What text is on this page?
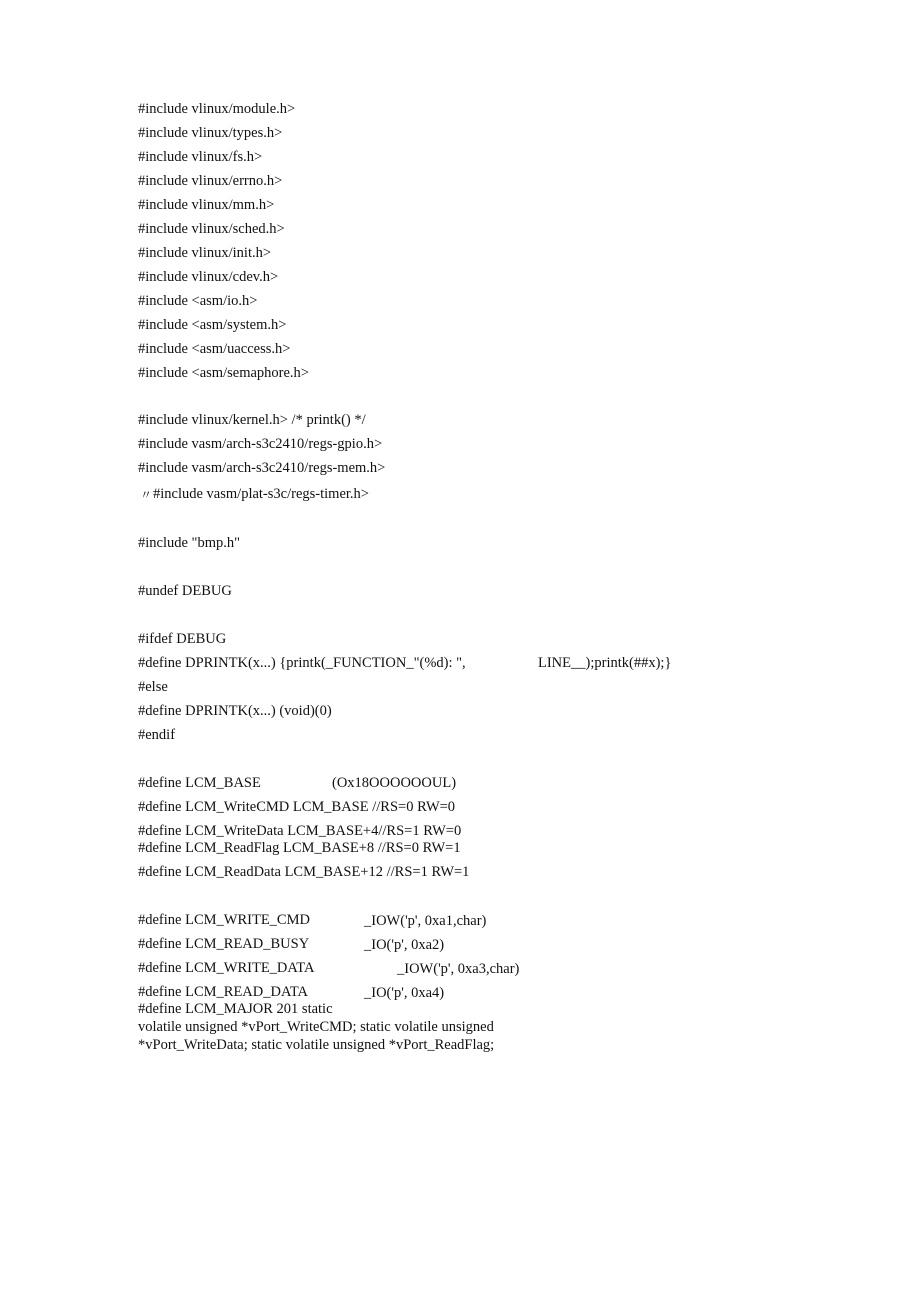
#include vlinux/module.h>
#include vlinux/types.h>
#include vlinux/fs.h>
#include vlinux/errno.h>
#include vlinux/mm.h>
#include vlinux/sched.h>
#include vlinux/init.h>
#include vlinux/cdev.h>
#include <asm/io.h>
#include <asm/system.h>
#include <asm/uaccess.h>
#include <asm/semaphore.h>
#include vlinux/kernel.h> /* printk() */
#include vasm/arch-s3c2410/regs-gpio.h>
#include vasm/arch-s3c2410/regs-mem.h>
〃 #include vasm/plat-s3c/regs-timer.h>
#include "bmp.h"
#undef DEBUG
#ifdef DEBUG
#define DPRINTK(x...) {printk(_FUNCTION_"(%d): ",	LINE__);printk(##x);}
#else
#define DPRINTK(x...) (void)(0)
#endif
#define LCM_BASE	(Ox18OOOOOOUL)
#define LCM_WriteCMD LCM_BASE //RS=0 RW=0
#define LCM_WriteData LCM_BASE+4//RS=1 RW=0
#define LCM_ReadFlag LCM_BASE+8 //RS=0 RW=1
#define LCM_ReadData LCM_BASE+12 //RS=1 RW=1
#define LCM_WRITE_CMD	_IOW('p', 0xa1,char)
#define LCM_READ_BUSY	_IO('p', 0xa2)
#define LCM_WRITE_DATA	_IOW('p', 0xa3,char)
#define LCM_READ_DATA	_IO('p', 0xa4)
#define LCM_MAJOR 201 static
volatile unsigned *vPort_WriteCMD; static volatile unsigned
*vPort_WriteData; static volatile unsigned *vPort_ReadFlag;
